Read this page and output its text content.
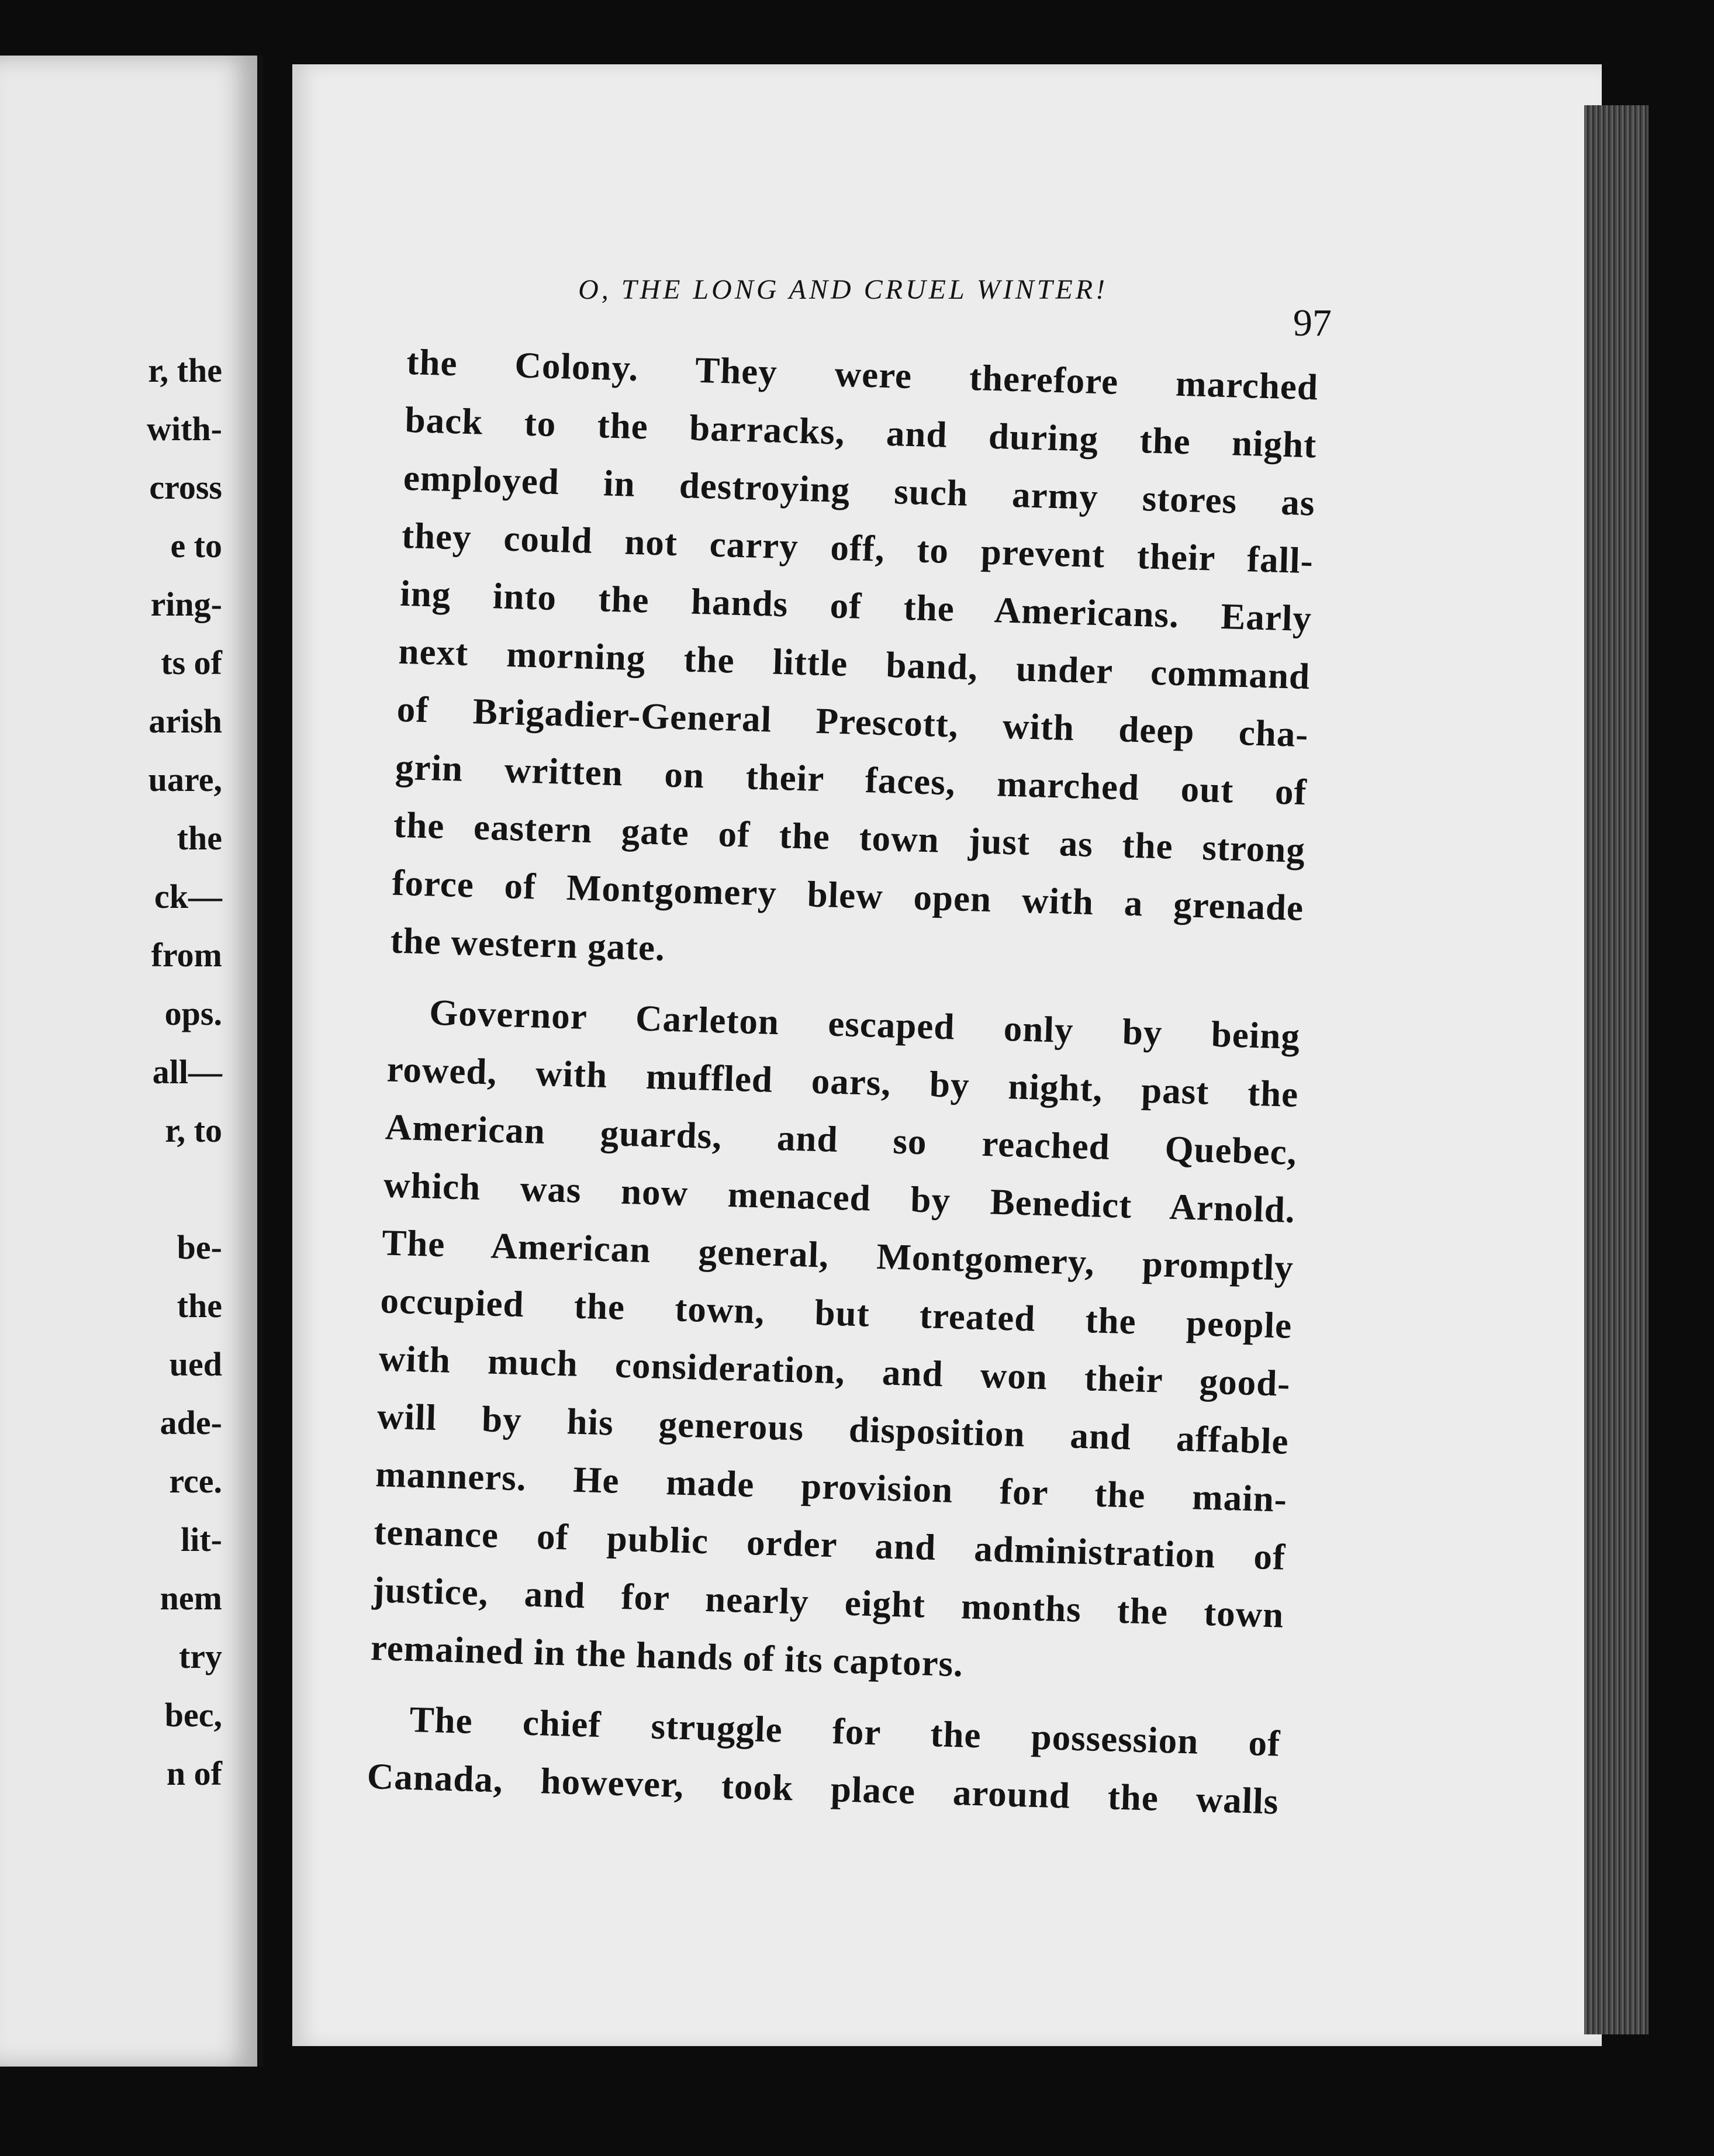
r, the
with-
cross
e to
ring-
ts of
arish
uare,
the
ck—
from
ops.
all—
r, to
be-
the
ued
ade-
rce.
lit-
nem
try
bec,
n of
O, THE LONG AND CRUEL WINTER!
97
the Colony. They were therefore marched
back to the barracks, and during the night
employed in destroying such army stores as
they could not carry off, to prevent their fall-
ing into the hands of the Americans. Early
next morning the little band, under command
of Brigadier-General Prescott, with deep cha-
grin written on their faces, marched out of
the eastern gate of the town just as the strong
force of Montgomery blew open with a grenade
the western gate.
Governor Carleton escaped only by being
rowed, with muffled oars, by night, past the
American guards, and so reached Quebec,
which was now menaced by Benedict Arnold.
The American general, Montgomery, promptly
occupied the town, but treated the people
with much consideration, and won their good-
will by his generous disposition and affable
manners. He made provision for the main-
tenance of public order and administration of
justice, and for nearly eight months the town
remained in the hands of its captors.
The chief struggle for the possession of
Canada, however, took place around the walls
